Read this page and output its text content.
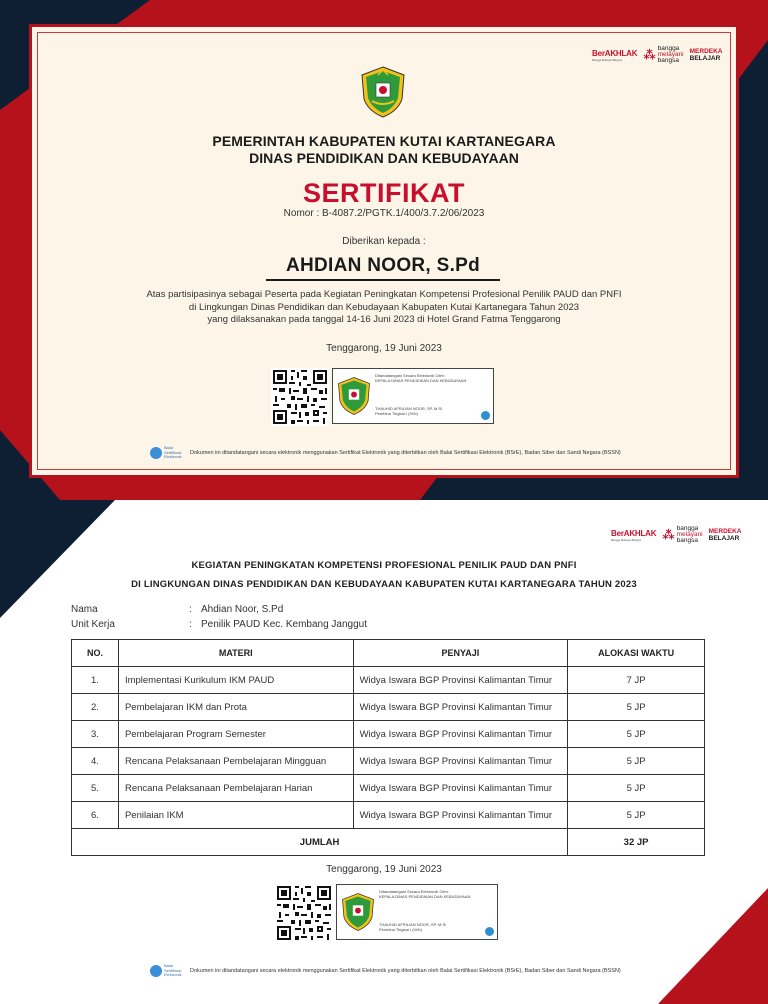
BerAKHLAK
Bangga Melayani Bangsa	⁂ bangga
melayani
bangsa
MERDEKA
BELAJAR
PEMERINTAH KABUPATEN KUTAI KARTANEGARA
DINAS PENDIDIKAN DAN KEBUDAYAAN
SERTIFIKAT
Nomor : B-4087.2/PGTK.1/400/3.7.2/06/2023
Diberikan kepada :
AHDIAN NOOR, S.Pd
Atas partisipasinya sebagai Peserta pada Kegiatan Peningkatan Kompetensi Profesional Penilik PAUD dan PNFI
di Lingkungan Dinas Pendidikan dan Kebudayaan Kabupaten Kutai Kartanegara Tahun 2023
yang dilaksanakan pada tanggal 14-16 Juni 2023 di Hotel Grand Fatma Tenggarong
Tenggarong, 19 Juni 2023
Ditandatangani Secara Elektronik Oleh :
KEPALA DINAS PENDIDIKAN DAN KEBUDAYAAN
THAUHID AFRILIAN NOOR, SP, M.Si
Pembina Tingkat I (IV/b)
Balai Sertifikasi Elektronik
Dokumen ini ditandatangani secara elektronik menggunakan Sertifikat Elektronik yang diterbitkan oleh Balai Sertifikasi Elektronik (BSrE), Badan Siber dan Sandi Negara (BSSN)
BerAKHLAK
Bangga Melayani Bangsa	⁂ bangga
melayani
bangsa
MERDEKA
BELAJAR
KEGIATAN PENINGKATAN KOMPETENSI PROFESIONAL PENILIK PAUD DAN PNFI
DI LINGKUNGAN DINAS PENDIDIKAN DAN KEBUDAYAAN KABUPATEN KUTAI KARTANEGARA TAHUN 2023
Nama	: Ahdian Noor, S.Pd
Unit Kerja	: Penilik PAUD Kec. Kembang Janggut
NO.	MATERI	PENYAJI	ALOKASI WAKTU
1.	Implementasi Kurikulum IKM PAUD	Widya Iswara BGP Provinsi Kalimantan Timur	7 JP
2.	Pembelajaran IKM dan Prota	Widya Iswara BGP Provinsi Kalimantan Timur	5 JP
3.	Pembelajaran Program Semester	Widya Iswara BGP Provinsi Kalimantan Timur	5 JP
4.	Rencana Pelaksanaan Pembelajaran Mingguan	Widya Iswara BGP Provinsi Kalimantan Timur	5 JP
5.	Rencana Pelaksanaan Pembelajaran Harian	Widya Iswara BGP Provinsi Kalimantan Timur	5 JP
6.	Penilaian IKM	Widya Iswara BGP Provinsi Kalimantan Timur	5 JP
JUMLAH			32 JP
Tenggarong, 19 Juni 2023
Ditandatangani Secara Elektronik Oleh :
KEPALA DINAS PENDIDIKAN DAN KEBUDAYAAN
THAUHID AFRILIAN NOOR, SP, M.Si
Pembina Tingkat I (IV/b)
Balai Sertifikasi Elektronik
Dokumen ini ditandatangani secara elektronik menggunakan Sertifikat Elektronik yang diterbitkan oleh Balai Sertifikasi Elektronik (BSrE), Badan Siber dan Sandi Negara (BSSN)
